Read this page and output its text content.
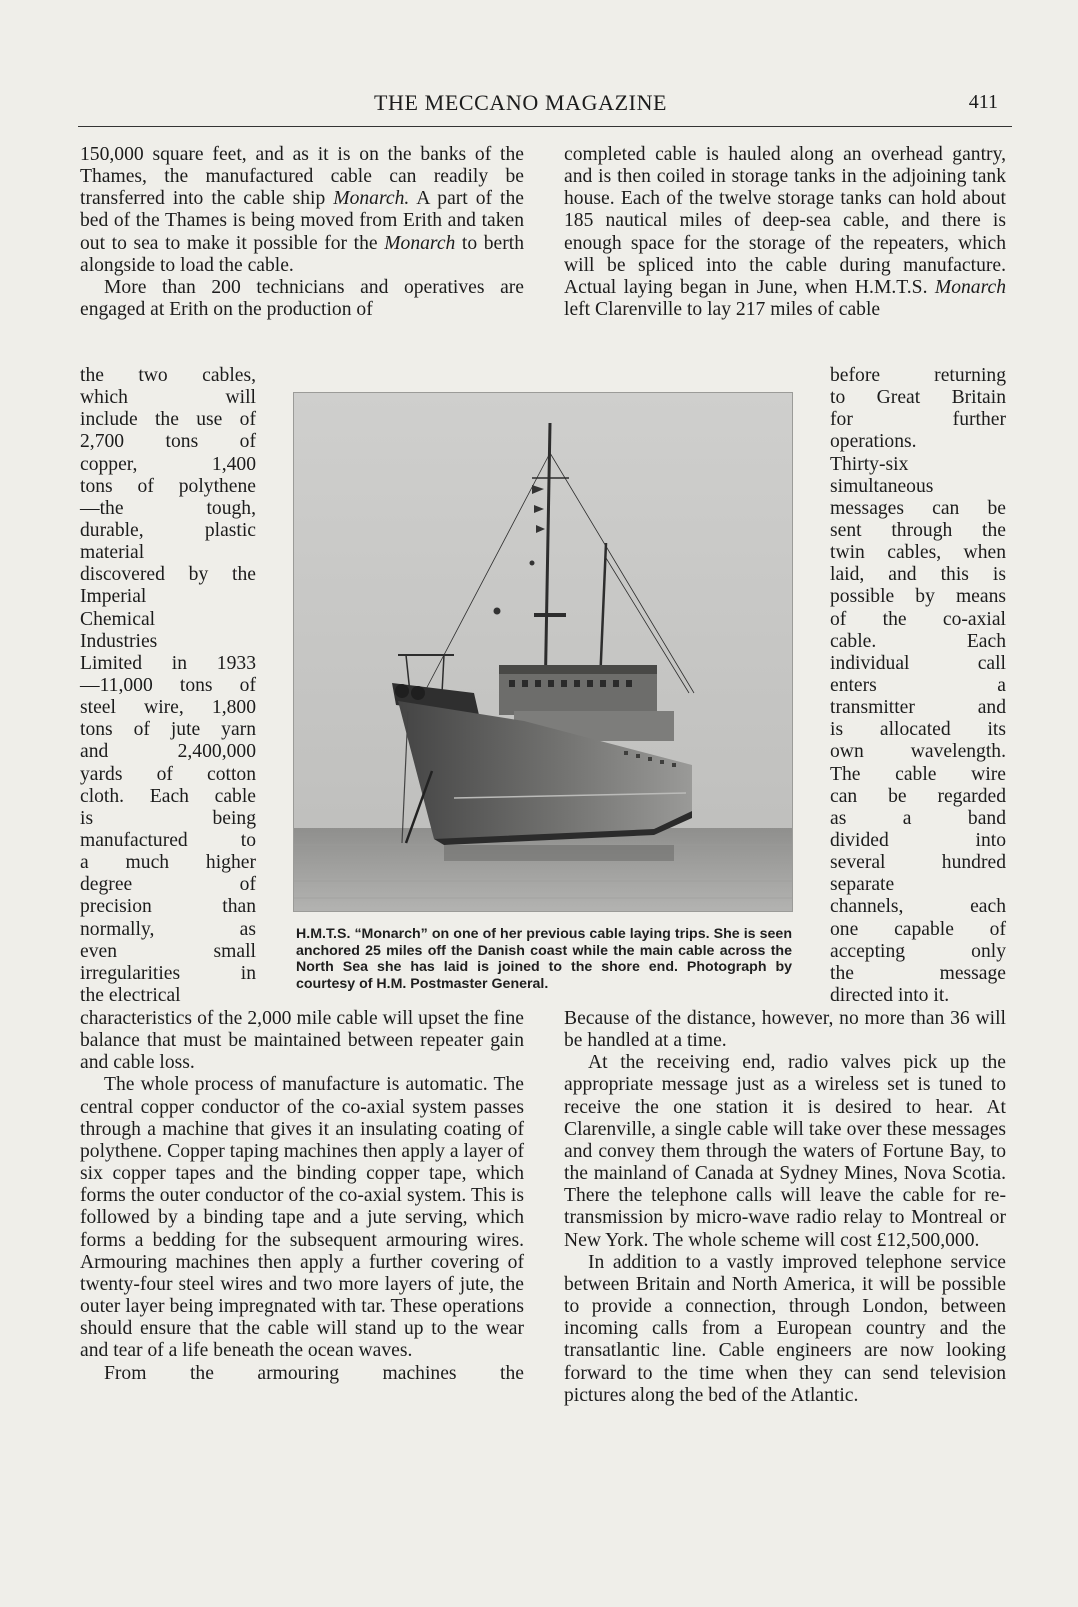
THE MECCANO MAGAZINE	411

150,000 square feet, and as it is on the banks of the Thames, the manufactured cable can readily be transferred into the cable ship Monarch. A part of the bed of the Thames is being moved from Erith and taken out to sea to make it possible for the Monarch to berth alongside to load the cable.

More than 200 technicians and operatives are engaged at Erith on the production of

the two cables,
which will
include the use of
2,700 tons of
copper, 1,400
tons of polythene
—the tough,
durable, plastic
material
discovered by the
Imperial
Chemical
Industries
Limited in 1933
—11,000 tons of
steel wire, 1,800
tons of jute yarn
and 2,400,000
yards of cotton
cloth. Each cable
is being
manufactured to
a much higher
degree of
precision than
normally, as
even small
irregularities in
the electrical

characteristics of the 2,000 mile cable will upset the fine balance that must be maintained between repeater gain and cable loss.

The whole process of manufacture is automatic. The central copper conductor of the co-axial system passes through a machine that gives it an insulating coating of polythene. Copper taping machines then apply a layer of six copper tapes and the binding copper tape, which forms the outer conductor of the co-axial system. This is followed by a binding tape and a jute serving, which forms a bedding for the subsequent armouring wires. Armouring machines then apply a further covering of twenty-four steel wires and two more layers of jute, the outer layer being impregnated with tar. These operations should ensure that the cable will stand up to the wear and tear of a life beneath the ocean waves.

From the armouring machines the

completed cable is hauled along an overhead gantry, and is then coiled in storage tanks in the adjoining tank house. Each of the twelve storage tanks can hold about 185 nautical miles of deep-sea cable, and there is enough space for the storage of the repeaters, which will be spliced into the cable during manufacture. Actual laying began in June, when H.M.T.S. Monarch left Clarenville to lay 217 miles of cable

before returning
to Great Britain
for further
operations.
Thirty-six
simultaneous
messages can be
sent through the
twin cables, when
laid, and this is
possible by means
of the co-axial
cable. Each
individual call
enters a
transmitter and
is allocated its
own wavelength.
The cable wire
can be regarded
as a band
divided into
several hundred
separate
channels, each
one capable of
accepting only
the message
directed into it.

Because of the distance, however, no more than 36 will be handled at a time.

At the receiving end, radio valves pick up the appropriate message just as a wireless set is tuned to receive the one station it is desired to hear. At Clarenville, a single cable will take over these messages and convey them through the waters of Fortune Bay, to the mainland of Canada at Sydney Mines, Nova Scotia. There the telephone calls will leave the cable for re-transmission by micro-wave radio relay to Montreal or New York. The whole scheme will cost £12,500,000.

In addition to a vastly improved telephone service between Britain and North America, it will be possible to provide a connection, through London, between incoming calls from a European country and the transatlantic line. Cable engineers are now looking forward to the time when they can send television pictures along the bed of the Atlantic.

H.M.T.S. “Monarch” on one of her previous cable laying trips. She is seen anchored 25 miles off the Danish coast while the main cable across the North Sea she has laid is joined to the shore end. Photograph by courtesy of H.M. Postmaster General.
